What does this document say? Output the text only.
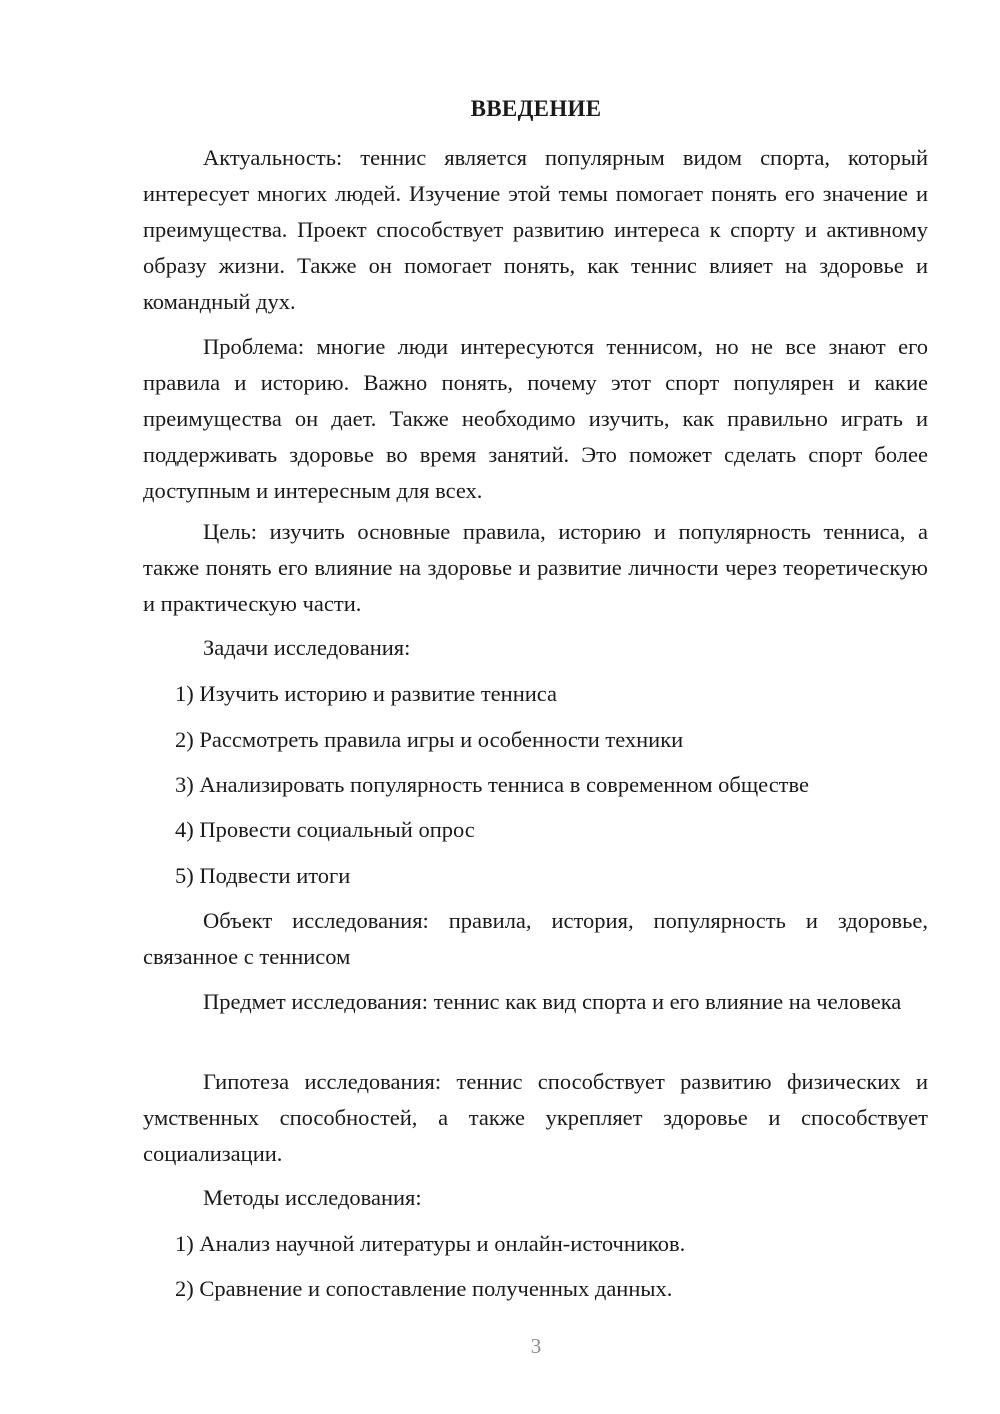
ВВЕДЕНИЕ

Актуальность: теннис является популярным видом спорта, который интересует многих людей. Изучение этой темы помогает понять его значение и преимущества. Проект способствует развитию интереса к спорту и активному образу жизни. Также он помогает понять, как теннис влияет на здоровье и командный дух.

Проблема: многие люди интересуются теннисом, но не все знают его правила и историю. Важно понять, почему этот спорт популярен и какие преимущества он дает. Также необходимо изучить, как правильно играть и поддерживать здоровье во время занятий. Это поможет сделать спорт более доступным и интересным для всех.

Цель: изучить основные правила, историю и популярность тенниса, а также понять его влияние на здоровье и развитие личности через теоретическую и практическую части.

Задачи исследования:
1) Изучить историю и развитие тенниса
2) Рассмотреть правила игры и особенности техники
3) Анализировать популярность тенниса в современном обществе
4) Провести социальный опрос
5) Подвести итоги

Объект исследования: правила, история, популярность и здоровье, связанное с теннисом

Предмет исследования: теннис как вид спорта и его влияние на человека

Гипотеза исследования: теннис способствует развитию физических и умственных способностей, а также укрепляет здоровье и способствует социализации.

Методы исследования:
1) Анализ научной литературы и онлайн-источников.
2) Сравнение и сопоставление полученных данных.
3
